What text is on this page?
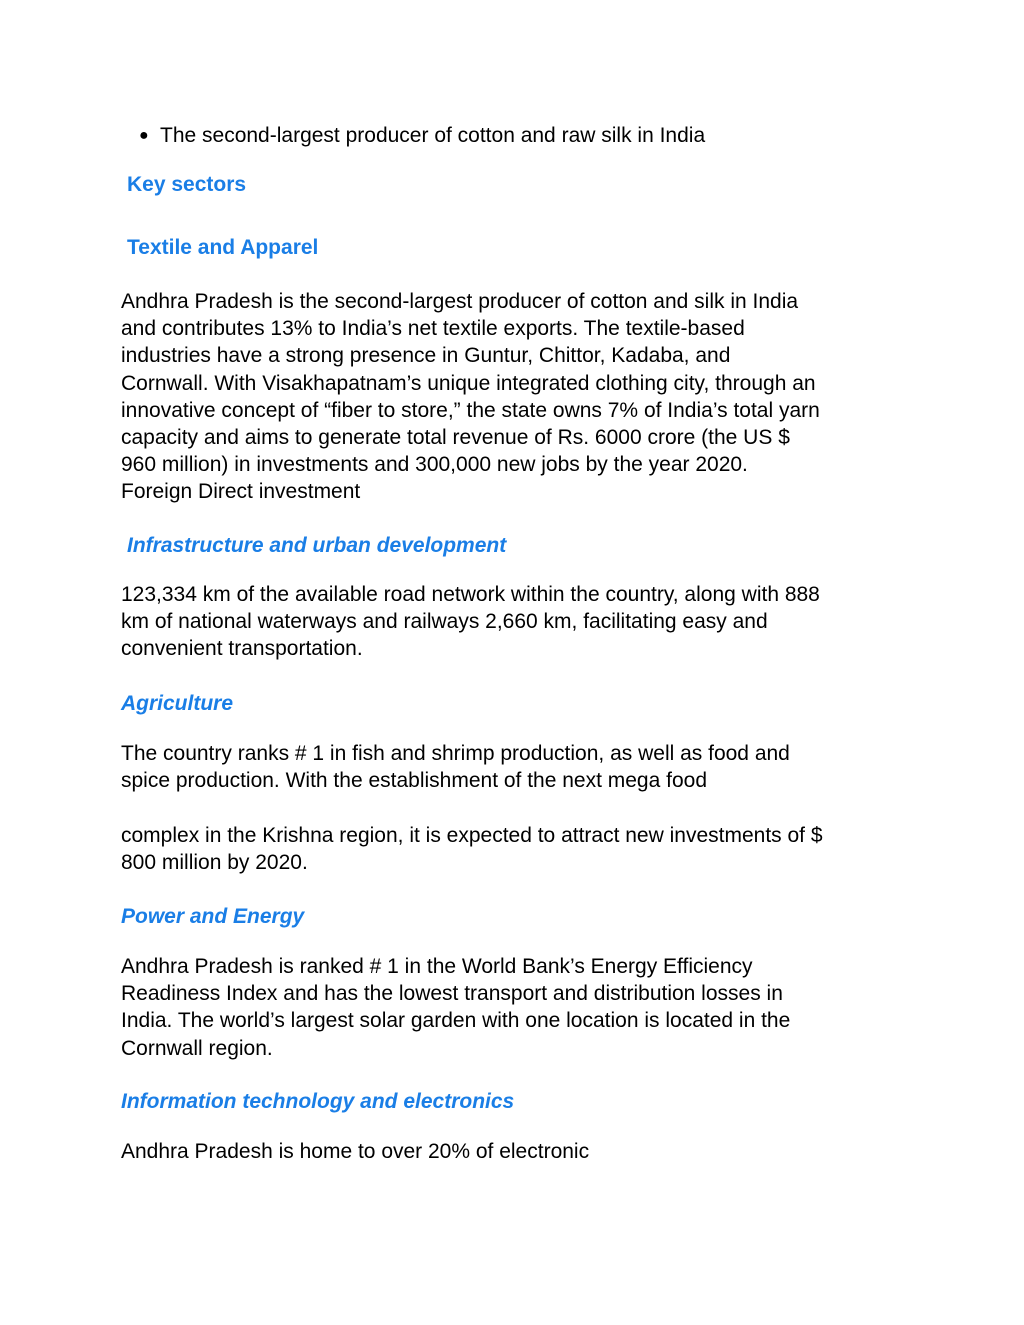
● The second-largest producer of cotton and raw silk in India
Key sectors
Textile and Apparel
Andhra Pradesh is the second-largest producer of cotton and silk in India
and contributes 13% to India’s net textile exports. The textile-based
industries have a strong presence in Guntur, Chittor, Kadaba, and
Cornwall. With Visakhapatnam’s unique integrated clothing city, through an
innovative concept of “fiber to store,” the state owns 7% of India’s total yarn
capacity and aims to generate total revenue of Rs. 6000 crore (the US $
960 million) in investments and 300,000 new jobs by the year 2020.
Foreign Direct investment
Infrastructure and urban development
123,334 km of the available road network within the country, along with 888
km of national waterways and railways 2,660 km, facilitating easy and
convenient transportation.
Agriculture
The country ranks # 1 in fish and shrimp production, as well as food and
spice production. With the establishment of the next mega food
complex in the Krishna region, it is expected to attract new investments of $
800 million by 2020.
Power and Energy
Andhra Pradesh is ranked # 1 in the World Bank’s Energy Efficiency
Readiness Index and has the lowest transport and distribution losses in
India. The world’s largest solar garden with one location is located in the
Cornwall region.
Information technology and electronics
Andhra Pradesh is home to over 20% of electronic
